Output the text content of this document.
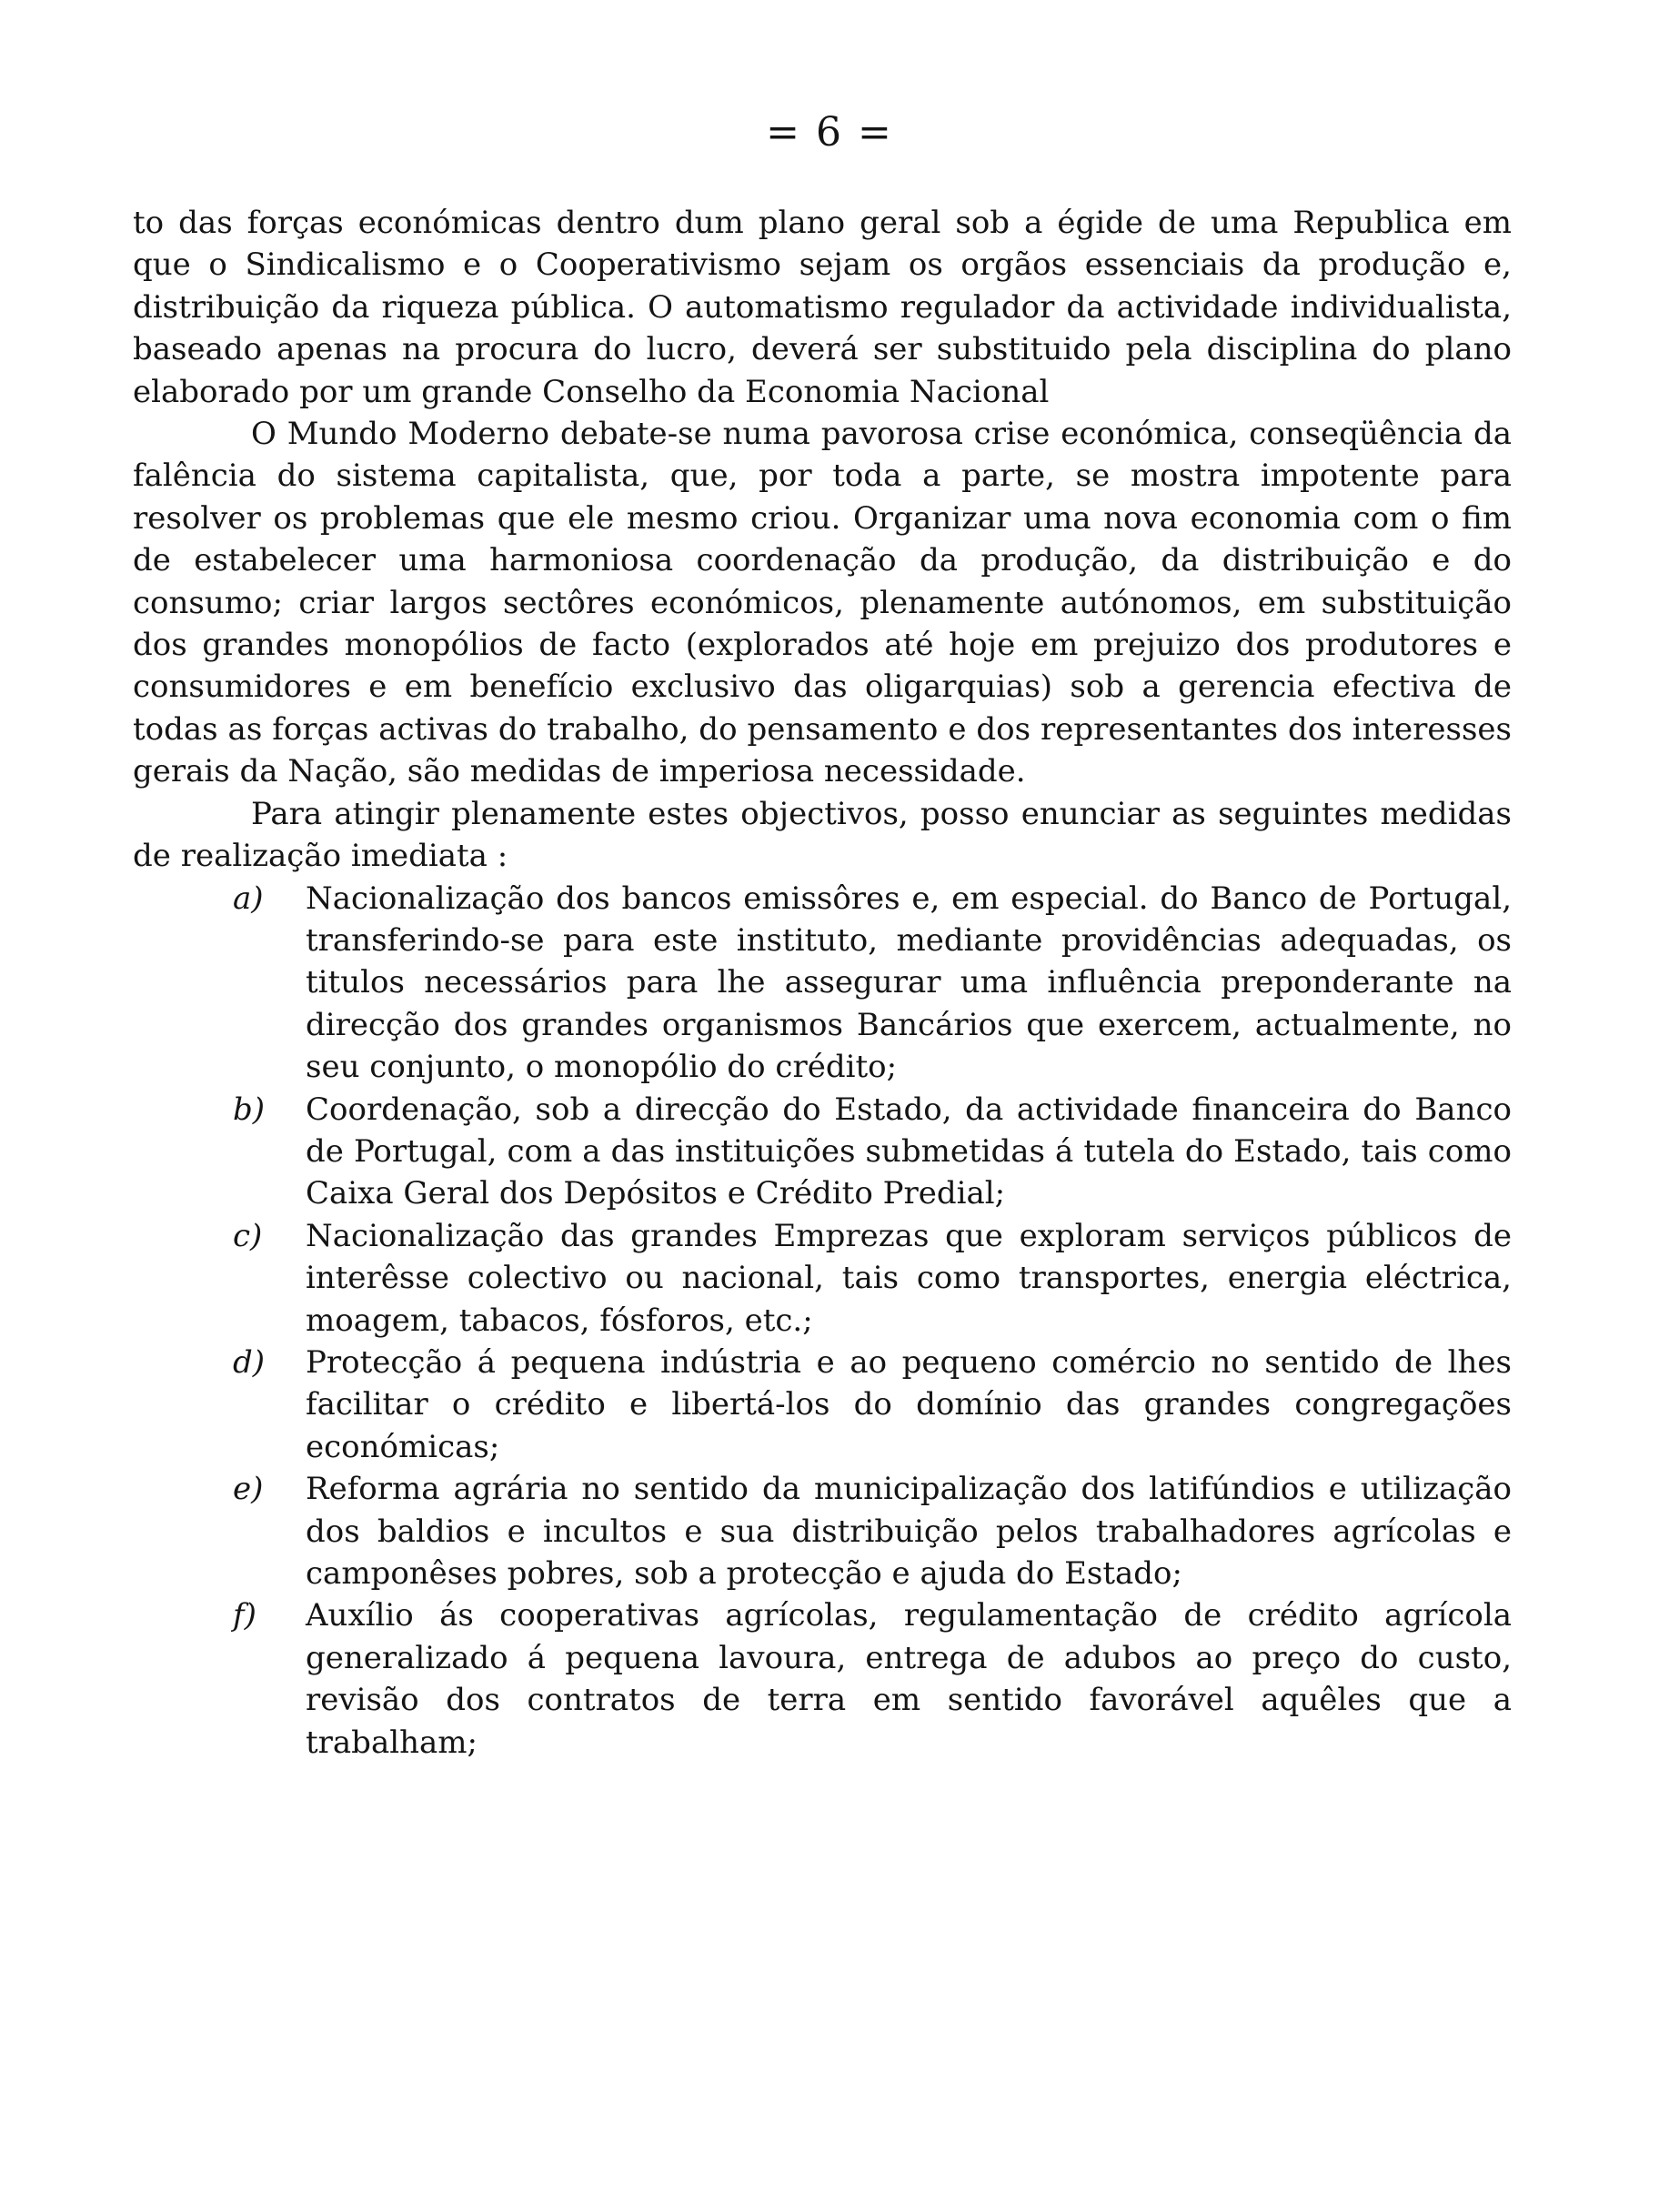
= 6 =

to das forças económicas dentro dum plano geral sob a égide de uma Republica em que o Sindicalismo e o Cooperativismo sejam os orgãos essenciais da produção e, distribuição da riqueza pública. O automatismo regulador da actividade individualista, baseado apenas na procura do lucro, deverá ser substituido pela disciplina do plano elaborado por um grande Conselho da Economia Nacional

O Mundo Moderno debate-se numa pavorosa crise económica, conseqüência da falência do sistema capitalista, que, por toda a parte, se mostra impotente para resolver os problemas que ele mesmo criou. Organizar uma nova economia com o fim de estabelecer uma harmoniosa coordenação da produção, da distribuição e do consumo; criar largos sectôres económicos, plenamente autónomos, em substituição dos grandes monopólios de facto (explorados até hoje em prejuizo dos produtores e consumidores e em benefício exclusivo das oligarquias) sob a gerencia efectiva de todas as forças activas do trabalho, do pensamento e dos representantes dos interesses gerais da Nação, são medidas de imperiosa necessidade.

Para atingir plenamente estes objectivos, posso enunciar as seguintes medidas de realização imediata :

a) Nacionalização dos bancos emissôres e, em especial. do Banco de Portugal, transferindo-se para este instituto, mediante providências adequadas, os titulos necessários para lhe assegurar uma influência preponderante na direcção dos grandes organismos Bancários que exercem, actualmente, no seu conjunto, o monopólio do crédito;
b) Coordenação, sob a direcção do Estado, da actividade financeira do Banco de Portugal, com a das instituições submetidas á tutela do Estado, tais como Caixa Geral dos Depósitos e Crédito Predial;
c) Nacionalização das grandes Emprezas que exploram serviços públicos de interêsse colectivo ou nacional, tais como transportes, energia eléctrica, moagem, tabacos, fósforos, etc.;
d) Protecção á pequena indústria e ao pequeno comércio no sentido de lhes facilitar o crédito e libertá-los do domínio das grandes congregações económicas;
e) Reforma agrária no sentido da municipalização dos latifúndios e utilização dos baldios e incultos e sua distribuição pelos trabalhadores agrícolas e camponêses pobres, sob a protecção e ajuda do Estado;
f) Auxílio ás cooperativas agrícolas, regulamentação de crédito agrícola generalizado á pequena lavoura, entrega de adubos ao preço do custo, revisão dos contratos de terra em sentido favorável aquêles que a trabalham;
